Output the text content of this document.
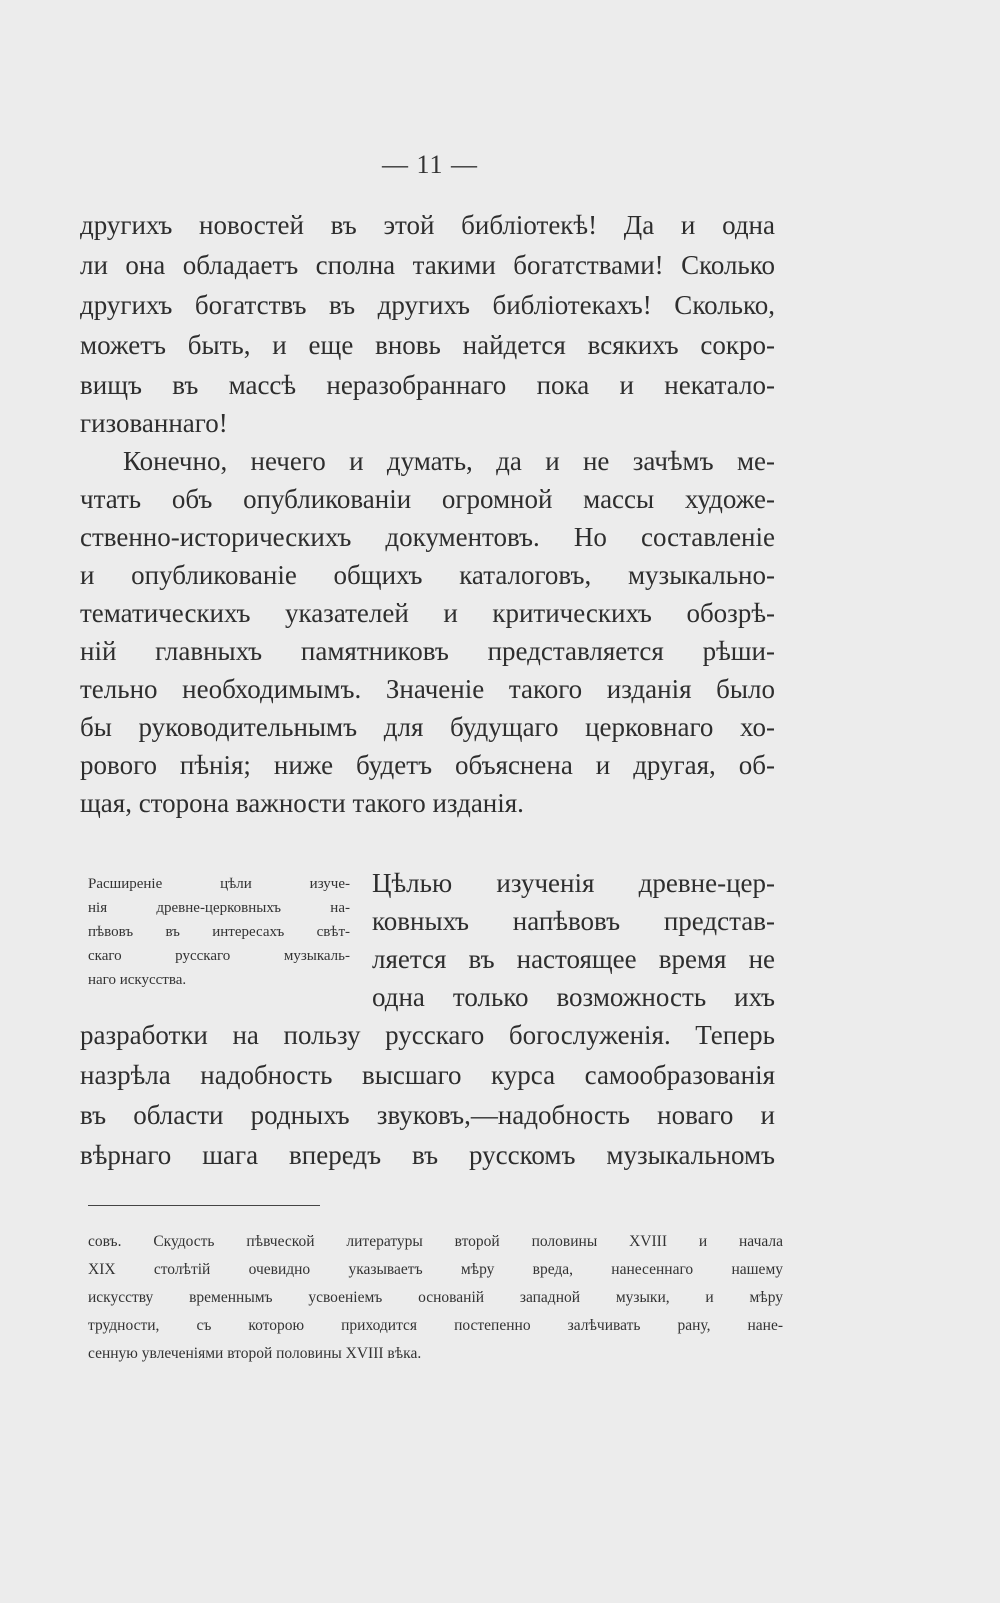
— 11 —
другихъ новостей въ этой библiотекѣ! Да и одна
ли она обладаетъ сполна такими богатствами! Сколько
другихъ богатствъ въ другихъ библiотекахъ! Сколько,
можетъ быть, и еще вновь найдется всякихъ сокро-
вищъ въ массѣ неразобраннаго пока и некатало-
гизованнаго!
Конечно, нечего и думать, да и не зачѣмъ ме-
чтать объ опубликованiи огромной массы художе-
ственно-историческихъ документовъ. Но составленiе
и опубликованiе общихъ каталоговъ, музыкально-
тематическихъ указателей и критическихъ обозрѣ-
нiй главныхъ памятниковъ представляется рѣши-
тельно необходимымъ. Значенiе такого изданiя было
бы руководительнымъ для будущаго церковнаго хо-
рового пѣнiя; ниже будетъ объяснена и другая, об-
щая, сторона важности такого изданiя.
Расширенiе цѣли изуче-
нiя древне-церковныхъ на-
пѣвовъ въ интересахъ свѣт-
скаго русскаго музыкаль-
наго искусства.
Цѣлью изученiя древне-цер-
ковныхъ напѣвовъ представ-
ляется въ настоящее время не
одна только возможность ихъ
разработки на пользу русскаго богослуженiя. Теперь
назрѣла надобность высшаго курса самообразованiя
въ области родныхъ звуковъ,—надобность новаго и
вѣрнаго шага впередъ въ русскомъ музыкальномъ
совъ. Скудость пѣвческой литературы второй половины XVIII и начала
XIX столѣтiй очевидно указываетъ мѣру вреда, нанесеннаго нашему
искусству временнымъ усвоенiемъ основанiй западной музыки, и мѣру
трудности, съ которою приходится постепенно залѣчивать рану, нане-
сенную увлеченiями второй половины XVIII вѣка.
